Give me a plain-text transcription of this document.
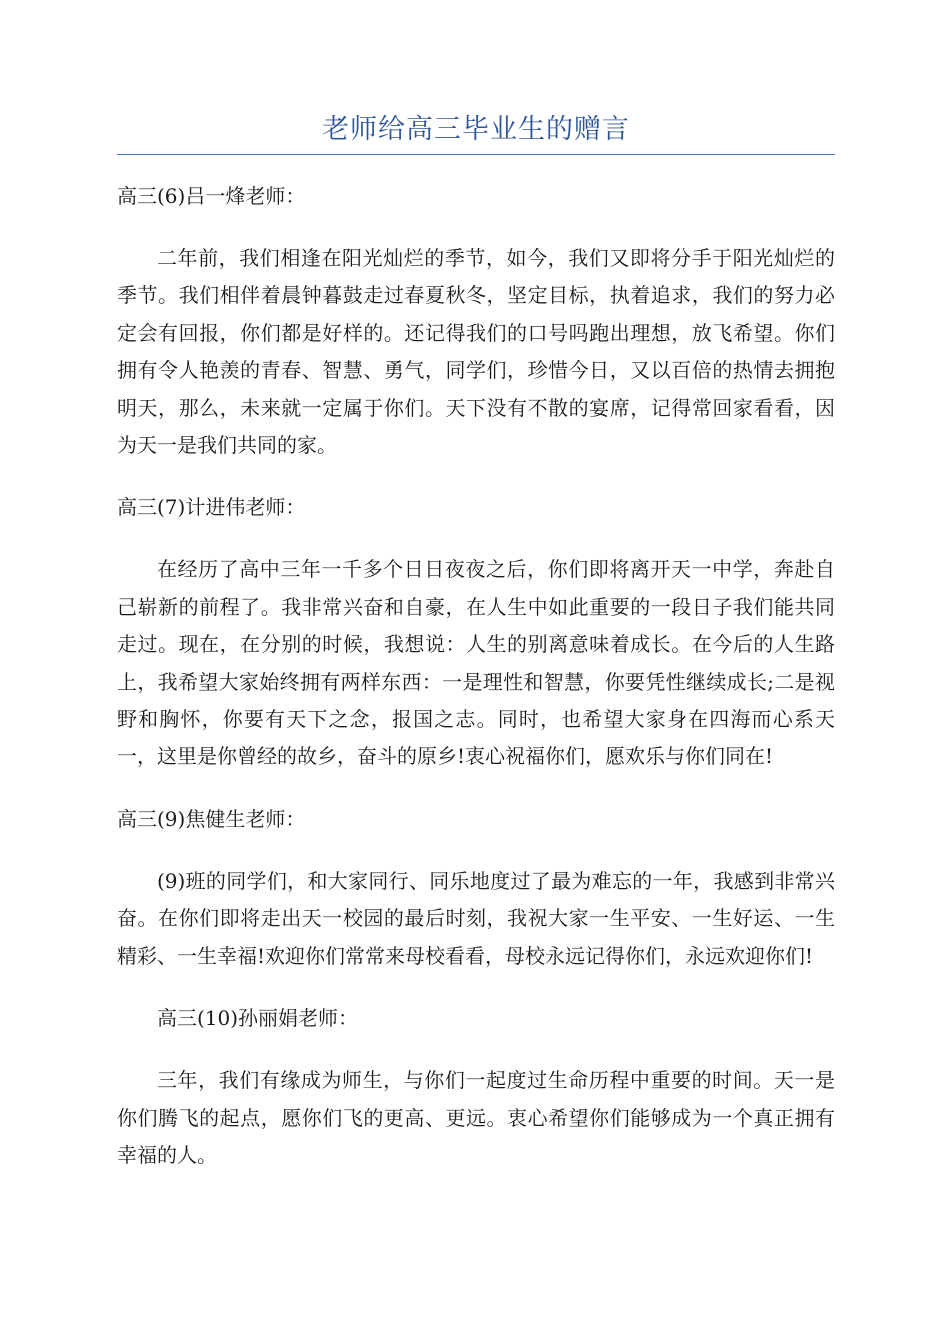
老师给高三毕业生的赠言

高三(6)吕一烽老师：

二年前，我们相逢在阳光灿烂的季节，如今，我们又即将分手于阳光灿烂的季节。我们相伴着晨钟暮鼓走过春夏秋冬，坚定目标，执着追求，我们的努力必定会有回报，你们都是好样的。还记得我们的口号吗跑出理想，放飞希望。你们拥有令人艳羡的青春、智慧、勇气，同学们，珍惜今日，又以百倍的热情去拥抱明天，那么，未来就一定属于你们。天下没有不散的宴席，记得常回家看看，因为天一是我们共同的家。

高三(7)计进伟老师：

在经历了高中三年一千多个日日夜夜之后，你们即将离开天一中学，奔赴自己崭新的前程了。我非常兴奋和自豪，在人生中如此重要的一段日子我们能共同走过。现在，在分别的时候，我想说：人生的别离意味着成长。在今后的人生路上，我希望大家始终拥有两样东西：一是理性和智慧，你要凭性继续成长;二是视野和胸怀，你要有天下之念，报国之志。同时，也希望大家身在四海而心系天一，这里是你曾经的故乡，奋斗的原乡!衷心祝福你们，愿欢乐与你们同在!

高三(9)焦健生老师：

(9)班的同学们，和大家同行、同乐地度过了最为难忘的一年，我感到非常兴奋。在你们即将走出天一校园的最后时刻，我祝大家一生平安、一生好运、一生精彩、一生幸福!欢迎你们常常来母校看看，母校永远记得你们，永远欢迎你们!

高三(10)孙丽娟老师：

三年，我们有缘成为师生，与你们一起度过生命历程中重要的时间。天一是你们腾飞的起点，愿你们飞的更高、更远。衷心希望你们能够成为一个真正拥有幸福的人。
